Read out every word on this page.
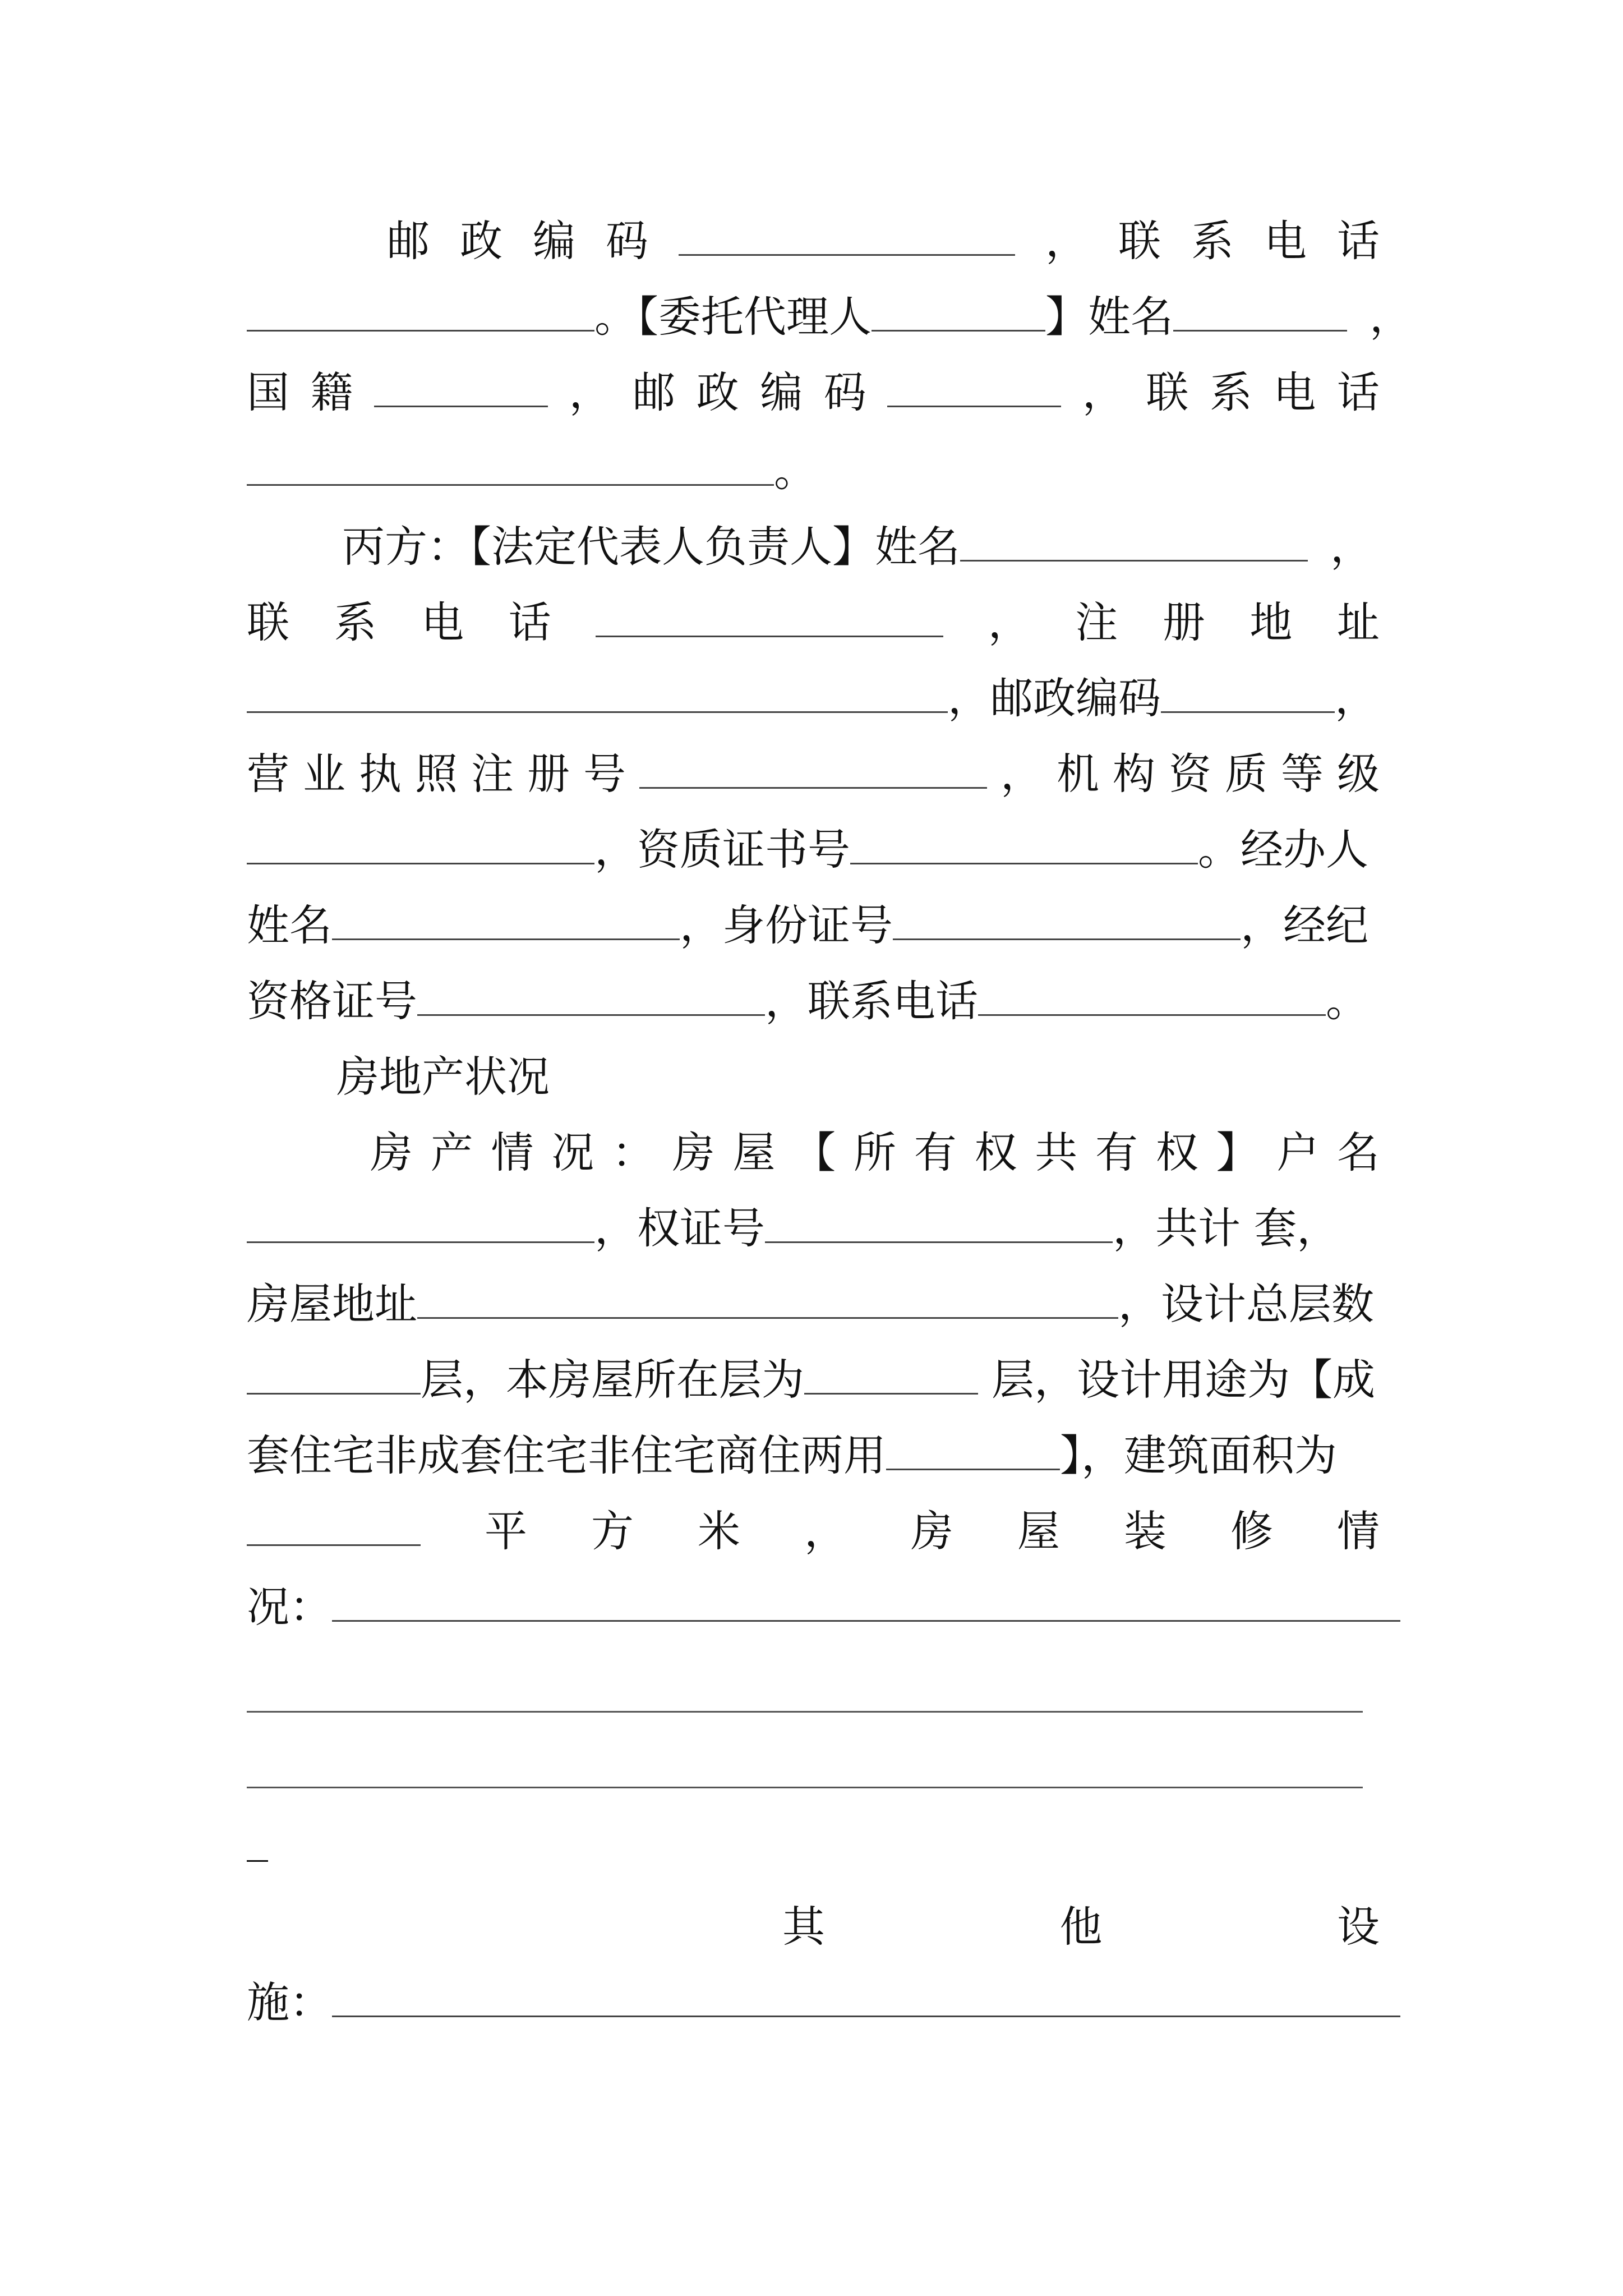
邮 政 编 码	， 联 系 电 话
。【委托代理人	】姓名	，
国 籍	， 邮 政 编 码	， 联 系 电 话
。
丙方：【法定代表人负责人】姓名	，
联 系 电 话	， 注 册 地 址
，邮政编码	，
营 业 执 照 注 册 号	， 机 构 资 质 等 级
，资质证书号	。经办人
姓名	，身份证号	，经纪
资格证号	，联系电话	。
房地产状况
房 产 情 况 ： 房 屋 【 所 有 权 共 有 权 】 户 名
，权证号	，共计 套，
房屋地址	，设计总层数
层，本房屋所在层为	层，设计用途为【成
套住宅非成套住宅非住宅商住两用	】，建筑面积为
平 方 米 ， 房 屋 装 修 情
况：
_
其	他	设
施：
